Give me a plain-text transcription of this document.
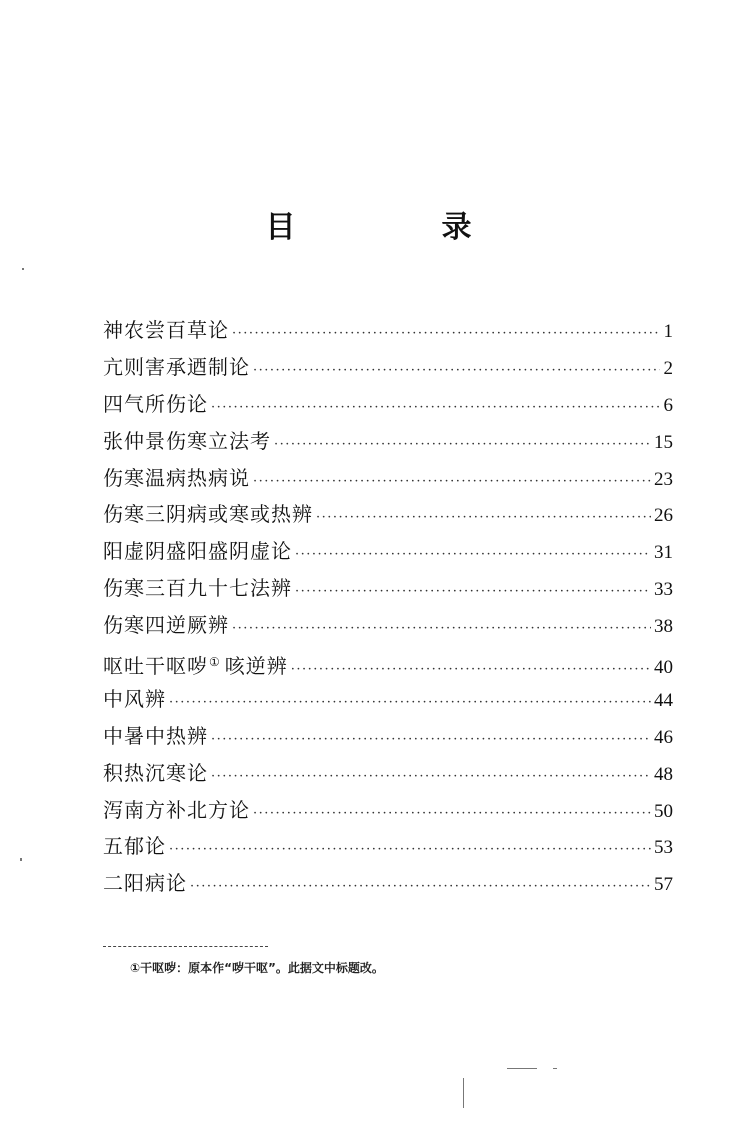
目　录
神农尝百草论 ·····	1
亢则害承迺制论 ·····	2
四气所伤论 ·····	6
张仲景伤寒立法考 ·····	15
伤寒温病热病说 ·····	23
伤寒三阴病或寒或热辨 ·····	26
阳虚阴盛阳盛阴虚论 ·····	31
伤寒三百九十七法辨 ·····	33
伤寒四逆厥辨 ·····	38
呕吐干呕哕① 咳逆辨 ·····	40
中风辨 ·····	44
中暑中热辨 ·····	46
积热沉寒论 ·····	48
泻南方补北方论 ·····	50
五郁论 ·····	53
二阳病论 ·····	57
①干呕哕：原本作“哕干呕”。此据文中标题改。
